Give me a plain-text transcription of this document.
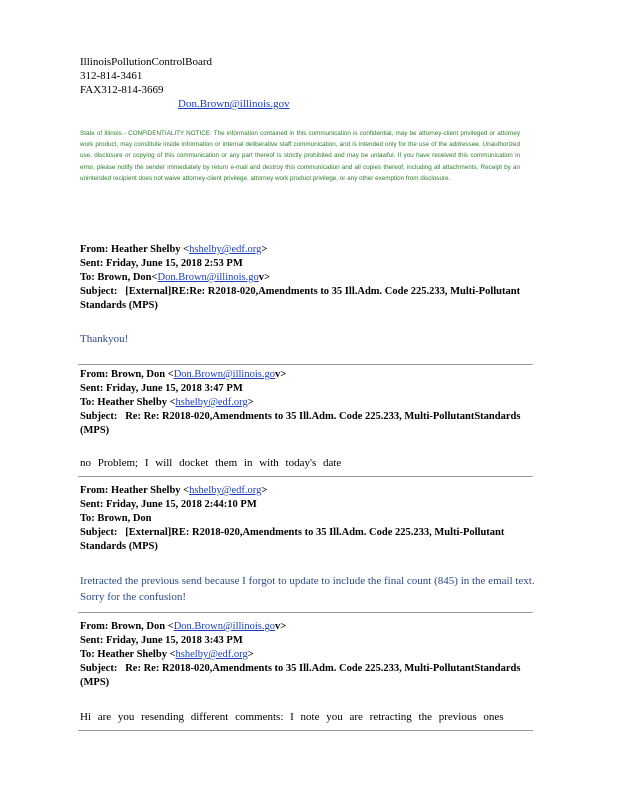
IllinoisPollutionControlBoard
312-814-3461
FAX312-814-3669
Don.Brown@illinois.gov
State of Illinois - CONFIDENTIALITY NOTICE: The information contained in this communication is confidential, may be attorney-client privileged or attorney work product, may constitute inside information or internal deliberative staff communication, and is intended only for the use of the addressee. Unauthorized use, disclosure or copying of this communication or any part thereof is strictly prohibited and may be unlawful. If you have received this communication in error, please notify the sender immediately by return e-mail and destroy this communication and all copies thereof, including all attachments. Receipt by an unintended recipient does not waive attorney-client privilege, attorney work product privilege, or any other exemption from disclosure.
From: Heather Shelby <hshelby@edf.org>
Sent: Friday, June 15, 2018 2:53 PM
To: Brown, Don<Don.Brown@illinois.gov>
Subject: [External]RE:Re: R2018-020,Amendments to 35 Ill.Adm. Code 225.233, Multi-Pollutant Standards (MPS)
Thankyou!
From: Brown, Don <Don.Brown@illinois.gov>
Sent: Friday, June 15, 2018 3:47 PM
To: Heather Shelby <hshelby@edf.org>
Subject: Re: Re: R2018-020,Amendments to 35 Ill.Adm. Code 225.233, Multi-PollutantStandards (MPS)
no Problem; I will docket them in with today's date
From: Heather Shelby <hshelby@edf.org>
Sent: Friday, June 15, 2018 2:44:10 PM
To: Brown, Don
Subject: [External]RE: R2018-020,Amendments to 35 Ill.Adm. Code 225.233, Multi-Pollutant Standards (MPS)
Iretracted the previous send because I forgot to update to include the final count (845) in the email text. Sorry for the confusion!
From: Brown, Don <Don.Brown@illinois.gov>
Sent: Friday, June 15, 2018 3:43 PM
To: Heather Shelby <hshelby@edf.org>
Subject: Re: Re: R2018-020,Amendments to 35 Ill.Adm. Code 225.233, Multi-PollutantStandards (MPS)
Hi are you resending different comments: I note you are retracting the previous ones
